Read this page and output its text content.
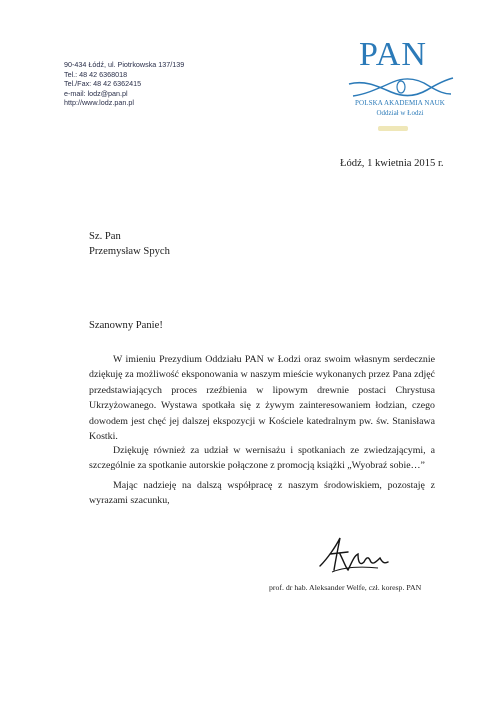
90-434 Łódź, ul. Piotrkowska 137/139
Tel.: 48 42 6368018
Tel./Fax: 48 42 6362415
e-mail: lodz@pan.pl
http://www.lodz.pan.pl
PAN
POLSKA AKADEMIA NAUK
Oddział w Łodzi
Łódź, 1 kwietnia 2015 r.
Sz. Pan
Przemysław Spych
Szanowny Panie!
W imieniu Prezydium Oddziału PAN w Łodzi oraz swoim własnym serdecznie dziękuję za możliwość eksponowania w naszym mieście wykonanych przez Pana zdjęć przedstawiających proces rzeźbienia w lipowym drewnie postaci Chrystusa Ukrzyżowanego. Wystawa spotkała się z żywym zainteresowaniem łodzian, czego dowodem jest chęć jej dalszej ekspozycji w Kościele katedralnym pw. św. Stanisława Kostki.
Dziękuję również za udział w wernisażu i spotkaniach ze zwiedzającymi, a szczególnie za spotkanie autorskie połączone z promocją książki „Wyobraź sobie…”
Mając nadzieję na dalszą współpracę z naszym środowiskiem, pozostaję z wyrazami szacunku,
prof. dr hab. Aleksander Welfe, czł. koresp. PAN
